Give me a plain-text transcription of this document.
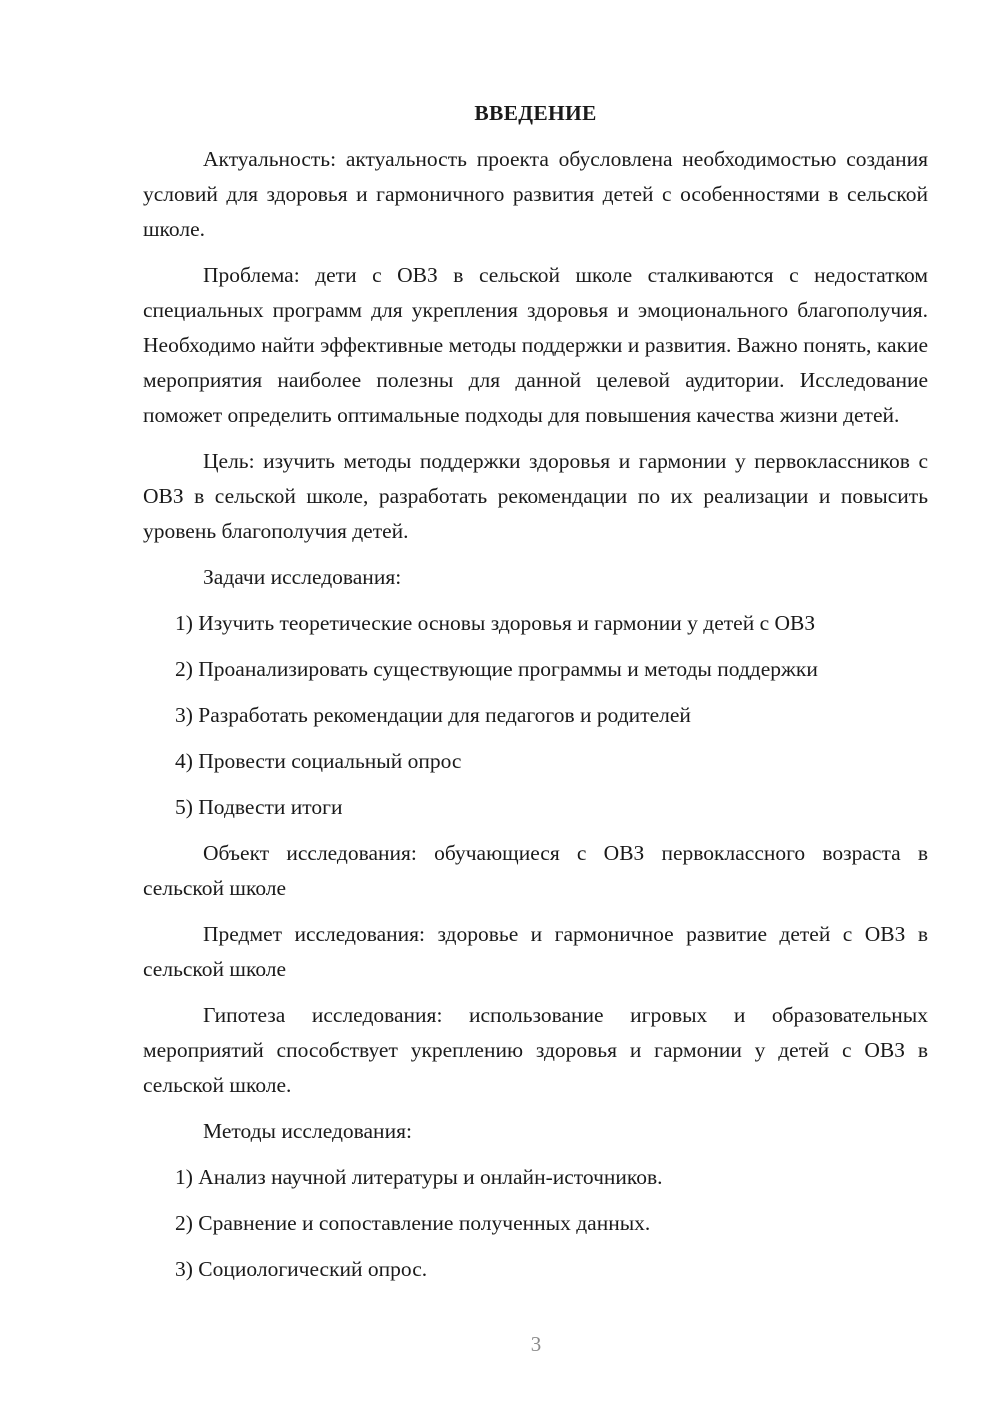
ВВЕДЕНИЕ
Актуальность: актуальность проекта обусловлена необходимостью создания условий для здоровья и гармоничного развития детей с особенностями в сельской школе.
Проблема: дети с ОВЗ в сельской школе сталкиваются с недостатком специальных программ для укрепления здоровья и эмоционального благополучия. Необходимо найти эффективные методы поддержки и развития. Важно понять, какие мероприятия наиболее полезны для данной целевой аудитории. Исследование поможет определить оптимальные подходы для повышения качества жизни детей.
Цель: изучить методы поддержки здоровья и гармонии у первоклассников с ОВЗ в сельской школе, разработать рекомендации по их реализации и повысить уровень благополучия детей.
Задачи исследования:
1) Изучить теоретические основы здоровья и гармонии у детей с ОВЗ
2) Проанализировать существующие программы и методы поддержки
3) Разработать рекомендации для педагогов и родителей
4) Провести социальный опрос
5) Подвести итоги
Объект исследования: обучающиеся с ОВЗ первоклассного возраста в сельской школе
Предмет исследования: здоровье и гармоничное развитие детей с ОВЗ в сельской школе
Гипотеза исследования: использование игровых и образовательных мероприятий способствует укреплению здоровья и гармонии у детей с ОВЗ в сельской школе.
Методы исследования:
1) Анализ научной литературы и онлайн-источников.
2) Сравнение и сопоставление полученных данных.
3) Социологический опрос.
3
